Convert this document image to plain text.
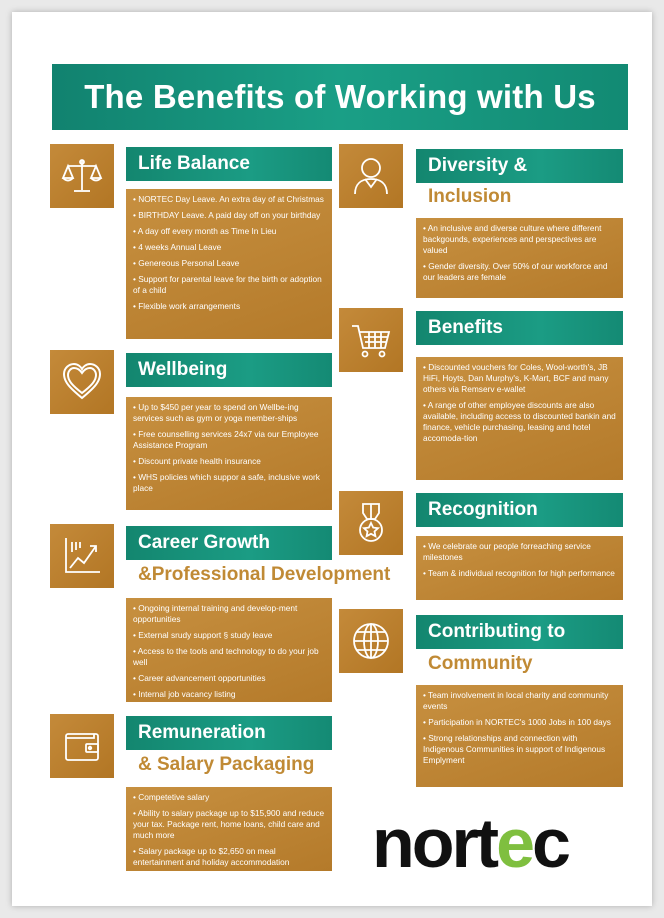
The Benefits of Working with Us
Life Balance
• NORTEC Day Leave. An extra day of at Christmas
• BIRTHDAY Leave. A paid day off on your birthday
• A day off every month as Time In Lieu
• 4 weeks Annual Leave
• Genereous Personal Leave
• Support for parental leave for the birth or adoption of a child
• Flexible work arrangements
Wellbeing
• Up to $450 per year to spend on Wellbe-ing services such as gym or yoga member-ships
• Free counselling services 24x7 via our Employee Assistance Program
• Discount private health insurance
• WHS policies which suppor a safe, inclusive work place
Career Growth
&Professional Development
• Ongoing internal training and develop-ment opportunities
• External srudy support § study leave
• Access to the tools and technology to do your job well
• Career advancement opportunities
• Internal job vacancy listing
Remuneration
& Salary Packaging
• Competetive salary
• Ability to salary package up to $15,900 and reduce your tax. Package rent, home loans, child care and much more
• Salary package up to $2,650 on meal entertainment and holiday accommodation
Diversity &
Inclusion
• An inclusive and diverse culture where different backgounds, experiences and perspectives are valued
• Gender diversity. Over 50% of our workforce and our leaders are female
Benefits
• Discounted vouchers for Coles, Wool-worth's, JB HiFi, Hoyts, Dan Murphy's, K-Mart, BCF and many others via Remserv e-wallet
• A range of other employee discounts are also available, including access to discounted bankin and finance, vehicle purchasing, leasing and hotel accomoda-tion
Recognition
• We celebrate our people forreaching service milestones
• Team & individual recognition for high performance
Contributing to
Community
• Team involvement in local charity and community events
• Participation in NORTEC's 1000 Jobs in 100 days
• Strong relationships and connection with Indigenous Communities in support of Indigenous Emplyment
nort e c
